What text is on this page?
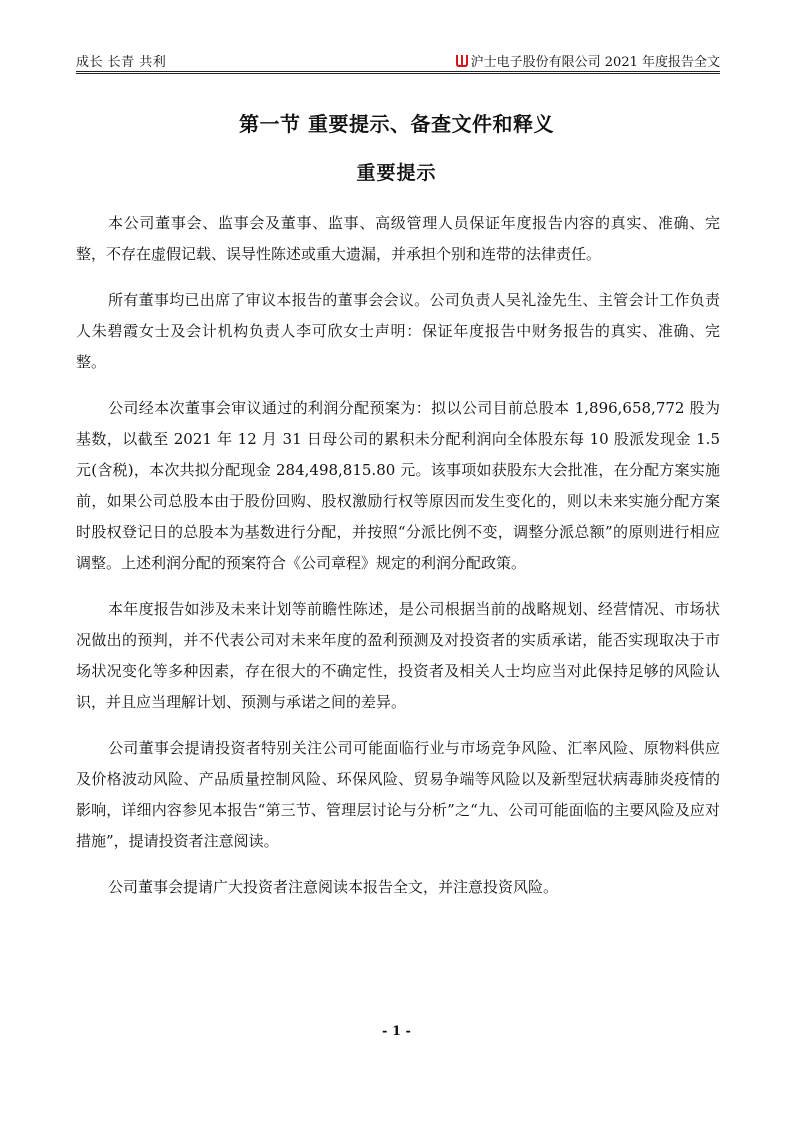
成长 长青 共利	沪士电子股份有限公司 2021 年度报告全文
第一节 重要提示、备查文件和释义
重要提示

本公司董事会、监事会及董事、监事、高级管理人员保证年度报告内容的真实、准确、完整，不存在虚假记载、误导性陈述或重大遗漏，并承担个别和连带的法律责任。

所有董事均已出席了审议本报告的董事会会议。公司负责人吴礼淦先生、主管会计工作负责人朱碧霞女士及会计机构负责人李可欣女士声明：保证年度报告中财务报告的真实、准确、完整。

公司经本次董事会审议通过的利润分配预案为：拟以公司目前总股本 1,896,658,772 股为基数，以截至 2021 年 12 月 31 日母公司的累积未分配利润向全体股东每 10 股派发现金 1.5 元(含税)，本次共拟分配现金 284,498,815.80 元。该事项如获股东大会批准，在分配方案实施前，如果公司总股本由于股份回购、股权激励行权等原因而发生变化的，则以未来实施分配方案时股权登记日的总股本为基数进行分配，并按照“分派比例不变，调整分派总额”的原则进行相应调整。上述利润分配的预案符合《公司章程》规定的利润分配政策。

本年度报告如涉及未来计划等前瞻性陈述，是公司根据当前的战略规划、经营情况、市场状况做出的预判，并不代表公司对未来年度的盈利预测及对投资者的实质承诺，能否实现取决于市场状况变化等多种因素，存在很大的不确定性，投资者及相关人士均应当对此保持足够的风险认识，并且应当理解计划、预测与承诺之间的差异。

公司董事会提请投资者特别关注公司可能面临行业与市场竞争风险、汇率风险、原物料供应及价格波动风险、产品质量控制风险、环保风险、贸易争端等风险以及新型冠状病毒肺炎疫情的影响，详细内容参见本报告“第三节、管理层讨论与分析”之“九、公司可能面临的主要风险及应对措施”，提请投资者注意阅读。

公司董事会提请广大投资者注意阅读本报告全文，并注意投资风险。

- 1 -
